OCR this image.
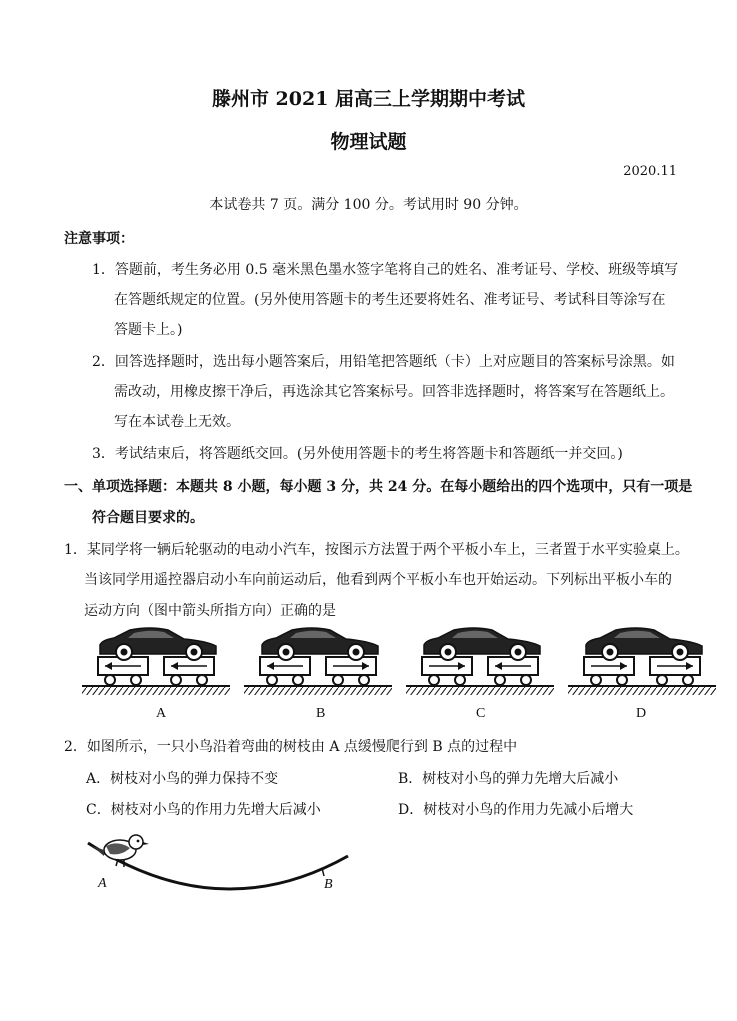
滕州市 2021 届高三上学期期中考试
物理试题
2020.11
本试卷共 7 页。满分 100 分。考试用时 90 分钟。
注意事项：
1．答题前，考生务必用 0.5 毫米黑色墨水签字笔将自己的姓名、准考证号、学校、班级等填写
在答题纸规定的位置。(另外使用答题卡的考生还要将姓名、准考证号、考试科目等涂写在
答题卡上。)
2．回答选择题时，选出每小题答案后，用铅笔把答题纸（卡）上对应题目的答案标号涂黑。如
需改动，用橡皮擦干净后，再选涂其它答案标号。回答非选择题时，将答案写在答题纸上。
写在本试卷上无效。
3．考试结束后，将答题纸交回。(另外使用答题卡的考生将答题卡和答题纸一并交回。)
一、单项选择题：本题共 8 小题，每小题 3 分，共 24 分。在每小题给出的四个选项中，只有一项是
符合题目要求的。
1．某同学将一辆后轮驱动的电动小汽车，按图示方法置于两个平板小车上，三者置于水平实验桌上。
当该同学用遥控器启动小车向前运动后，他看到两个平板小车也开始运动。下列标出平板小车的
运动方向（图中箭头所指方向）正确的是
A	B	C	D
2．如图所示，一只小鸟沿着弯曲的树枝由 A 点缓慢爬行到 B 点的过程中
A．树枝对小鸟的弹力保持不变	B．树枝对小鸟的弹力先增大后减小
C．树枝对小鸟的作用力先增大后减小	D．树枝对小鸟的作用力先减小后增大
A	B
